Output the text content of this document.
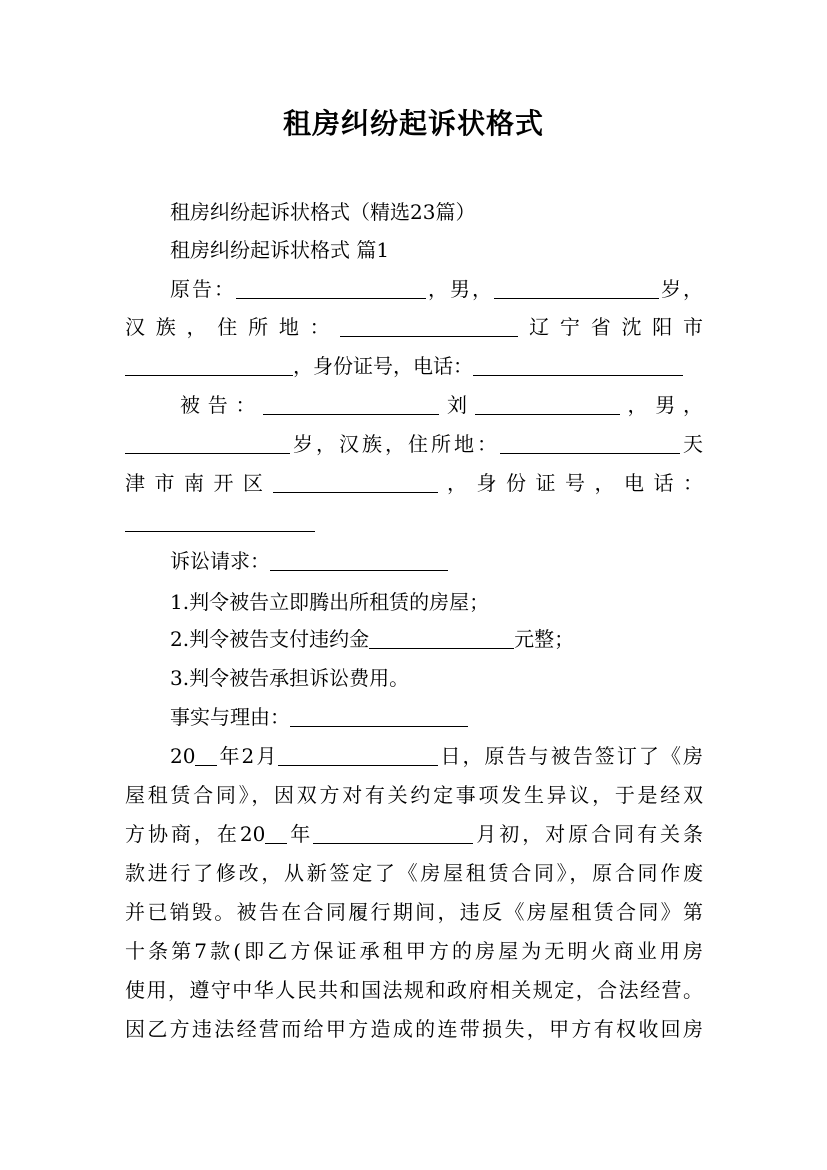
租房纠纷起诉状格式
租房纠纷起诉状格式（精选23篇）
租房纠纷起诉状格式 篇1
原告：	，男，	岁，
汉族，住所地：	辽宁省沈阳市
，身份证号，电话：
被告：	刘	，男，
岁，汉族，住所地：	天
津市南开区	，身份证号，电话：
诉讼请求：
1.判令被告立即腾出所租赁的房屋；
2.判令被告支付违约金	元整；
3.判令被告承担诉讼费用。
事实与理由：
20 年2月	日，原告与被告签订了《房
屋租赁合同》，因双方对有关约定事项发生异议，于是经双
方协商，在20 年	月初，对原合同有关条
款进行了修改，从新签定了《房屋租赁合同》，原合同作废
并已销毁。被告在合同履行期间，违反《房屋租赁合同》第
十条第7款(即乙方保证承租甲方的房屋为无明火商业用房
使用，遵守中华人民共和国法规和政府相关规定，合法经营。
因乙方违法经营而给甲方造成的连带损失，甲方有权收回房
